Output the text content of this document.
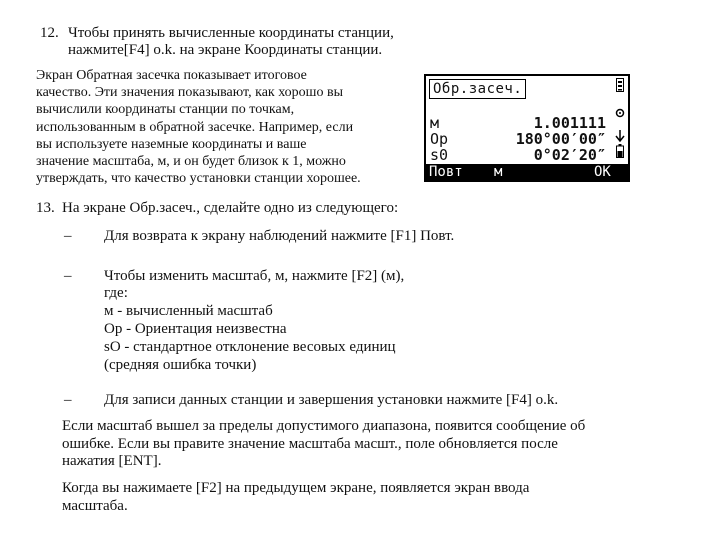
12. Чтобы принять вычисленные координаты станции,
нажмите[F4] o.k. на экране Координаты станции.
Экран Обратная засечка показывает итоговое
качество. Эти значения показывают, как хорошо вы
вычислили координаты станции по точкам,
использованным в обратной засечке. Например, если
вы используете наземные координаты и ваше
значение масштаба, м, и он будет близок к 1, можно
утверждать, что качество установки станции хорошее.
Обр.засеч.
м	1.001111
Op	180°00′00″
s0	0°02′20″
Повт м	OK
13. На экране Обр.засеч., сделайте одно из следующего:
– Для возврата к экрану наблюдений нажмите [F1] Повт.
– Чтобы изменить масштаб, м, нажмите [F2] (м),
где:
м - вычисленный масштаб
Op - Ориентация неизвестна
sO - стандартное отклонение весовых единиц
(средняя ошибка точки)
– Для записи данных станции и завершения установки нажмите [F4] o.k.
Если масштаб вышел за пределы допустимого диапазона, появится сообщение об
ошибке. Если вы правите значение масштаба масшт., поле обновляется после
нажатия [ENT].
Когда вы нажимаете [F2] на предыдущем экране, появляется экран ввода
масштаба.
